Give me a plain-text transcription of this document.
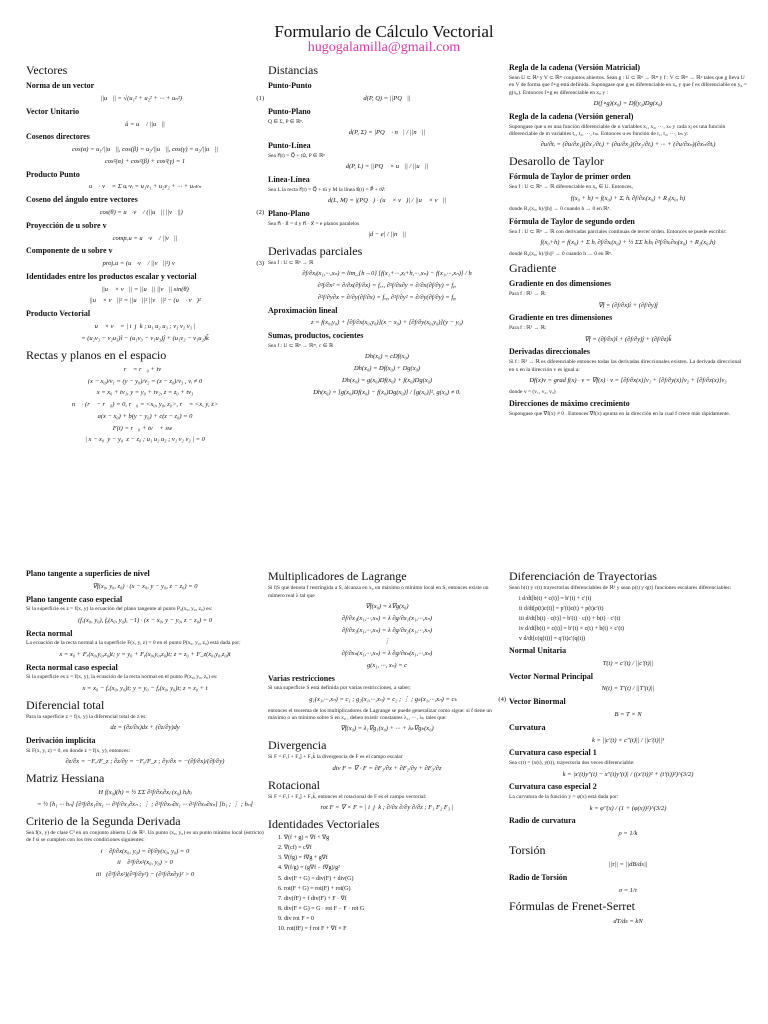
Formulario de Cálculo Vectorial
hugogalamilla@gmail.com
Vectores
Norma de un vector
||u⃗|| = √(u₁² + u₂² + ··· + uₙ²)	(1)
Vector Unitario
û = u⃗ / ||u⃗||
Cosenos directores
cos(α) = u₁/||u⃗||, cos(β) = u₂/||u⃗||, cos(γ) = u₃/||u⃗||
cos²(α) + cos²(β) + cos²(γ) = 1
Producto Punto
u⃗ · v⃗ = Σ uᵢ·vᵢ = u₁v₁ + u₂v₂ + ··· + uₙvₙ
Coseno del ángulo entre vectores
cos(θ) = u⃗·v⃗ / (||u⃗|| ||v⃗||)	(2)
Proyección de u sobre v
compᵥu = u⃗·v⃗ / ||v⃗||
Componente de u sobre v
projᵥu = (u⃗·v⃗ / ||v⃗||²) v⃗	(3)
Identidades entre los productos escalar y vectorial
||u⃗ × v⃗|| = ||u⃗|| ||v⃗|| sin(θ)
||u⃗ × v⃗||² = ||u⃗||² ||v⃗||² − (u⃗ · v⃗)²
Producto Vectorial
u⃗ × v⃗ = | i  j  k ; u₁ u₂ u₃ ; v₁ v₂ v₃ |
= (u₂v₃ − v₂u₃)î − (u₁v₃ − v₁u₃)ĵ + (u₁v₂ − v₁u₂)k̂
Rectas y planos en el espacio
r⃗ = r⃗₀ + tv⃗
(x − x₀)/v₁ = (y − y₀)/v₂ = (z − z₀)/v₃ , vᵢ ≠ 0
x = x₀ + tv₁, y = y₀ + tv₂, z = z₀ + tv₃
n⃗ · (r⃗ − r⃗₀) = 0, r⃗₀ = <x₀, y₀, z₀>, r⃗ = <x, y, z>
a(x − x₀) + b(y − y₀) + c(z − z₀) = 0
F(t) = r⃗₀ + tv⃗ + sw⃗
| x − x₀  y − y₀  z − z₀ ; u₁ u₂ u₃ ; v₁ v₂ v₃ | = 0
Distancias
Punto-Punto
d(P, Q) = ||PQ⃗||
Punto-Plano
Q ∈ Σ, P ∈ ℝⁿ.
d(P, Σ) = |PQ⃗ · n⃗| / ||n⃗||
Punto-Línea
Sea r⃗(t) = Q⃗ + tu⃗, P ∈ ℝⁿ
d(P, L) = ||PQ⃗ × u⃗|| / ||u⃗||
Línea-Línea
Sea L la recta r⃗(t) = Q⃗ + tū y M la línea s⃗(t) = P⃗ + tv⃗:
d(L, M) = |(PQ⃗) · (u⃗ × v⃗)| / ||u⃗ × v⃗||
Plano-Plano
Sea n⃗ · x⃗ = d y n⃗ · x⃗ = e planos paralelos
|d − e| / ||n⃗||
Derivadas parciales
Sea f : U ⊂ ℝⁿ → ℝ
∂f/∂xⱼ(x₁,···,xₙ) = lim_{h→0} [f(x₁+···,xⱼ+h,···,xₙ) − f(x₁,···,xₙ)] / h
∂²f/∂x² = ∂/∂x(∂f/∂x) = fₓₓ, ∂²f/∂x∂y = ∂/∂x(∂f/∂y) = fᵧₓ
∂²f/∂y∂x = ∂/∂y(∂f/∂x) = fₓᵧ, ∂²f/∂y² = ∂/∂y(∂f/∂y) = fᵧᵧ
Aproximación lineal
z = f(x₀,y₀) + [∂f/∂x(x₀,y₀)](x − x₀) + [∂f/∂y(x₀,y₀)](y − y₀)
Sumas, productos, cocientes
Sea f : U ⊂ ℝⁿ → ℝᵐ, c ∈ ℝ
Dh(x₀) = cDf(x₀)
Dh(x₀) = Df(x₀) + Dg(x₀)
Dh(x₀) = g(x₀)Df(x₀) + f(x₀)Dg(x₀)
Dh(x₀) = [g(x₀)Df(x₀) − f(x₀)Dg(x₀)] / [g(x₀)]², g(x₀) ≠ 0.
Regla de la cadena (Versión Matricial)
Sean U ⊂ ℝⁿ y V ⊂ ℝᵐ conjuntos abiertos. Sean g : U ⊂ ℝⁿ → ℝᵐ y f : V ⊂ ℝᵐ → ℝᵖ tales que g lleva U en V de forma que f∘g está definida. Supongase que g es diferenciable en x₀ y que f es diferenciable en y₀ = g(x₀). Entonces f∘g es diferenciable en x₀ y :
D(f∘g)(x₀) = Df(y₀)Dg(x₀)
Regla de la cadena (Versión general)
Supongase que u es una función diferenciable de n variables x₁, x₂, ···, xₙ y cada xⱼ es una función diferenciable de m variables t₁, t₂, ···, tₘ. Entonces u es función de t₁, t₂, ···, tₘ y:
∂u/∂tᵢ = (∂u/∂x₁)(∂x₁/∂tᵢ) + (∂u/∂x₂)(∂x₂/∂tᵢ) + ··· + (∂u/∂xₙ)(∂xₙ/∂tᵢ)
Desarollo de Taylor
Fórmula de Taylor de primer orden
Sea f : U ⊂ ℝⁿ → ℝ diferenciable en x₀ ∈ U. Entonces,
f(x₀ + h) = f(x₀) + Σᵢ hᵢ ∂f/∂xᵢ(x₀) + R₁(x₀, h)
donde R₁(x₀, h)/||h|| → 0 cuando h → 0 en ℝⁿ.
Fórmula de Taylor de segundo orden
Sea f : U ⊂ ℝⁿ → ℝ con derivadas parciales continuas de tercer orden. Entonces se puede escribir:
f(x₀+h) = f(x₀) + Σ hᵢ ∂f/∂xᵢ(x₀) + ½ ΣΣ hᵢhⱼ ∂²f/∂xᵢ∂xⱼ(x₀) + R₂(x₀,h)
dondé R₂(x₀, h)/||h||² → 0 cuando h → 0 en ℝⁿ.
Gradiente
Gradiente en dos dimensiones
Para f : ℝ² → ℝ:
∇f = (∂f/∂x)î + (∂f/∂y)ĵ
Gradiente en tres dimensiones
Para f : ℝ³ → ℝ:
∇f = (∂f/∂x)î + (∂f/∂y)ĵ + (∂f/∂z)k̂
Derivadas direccionales
Si f : ℝ³ → ℝ es diferenciable entonces todas las derivadas direccionales existen. La derivada direccional en x en la dirección v es igual a:
Df(x)v = grad f(x) · v = ∇f(x) · v = [∂f/∂x(x)]v₁ + [∂f/∂y(x)]v₂ + [∂f/∂z(x)]v₃
donde v = (v₁, v₂, v₃)
Direcciones de máximo crecimiento
Supongase que ∇f(x) ≠ 0 . Entonces ∇f(x) apunta en la dirección en la cual f crece más rápidamente.
Plano tangente a superficies de nivel
∇f(x₀, y₀, z₀) · (x − x₀, y − y₀, z − z₀) = 0
Plano tangente caso especial
Si la superficie es z = f(x, y) la ecuación del plano tangente al punto P₀(x₀, y₀, z₀) es:
(fₓ(x₀, y₀), fᵧ(x₀, y₀), −1) · (x − x₀, y − y₀, z − z₀) = 0
Recta normal
La ecuación de la recta normal a la superficie F(x, y, z) = 0 en el punto P(x₀, y₀, z₀) está dada por:
x = x₀ + Fₓ(x₀,y₀,z₀)t; y = y₀ + Fᵧ(x₀,y₀,z₀)t; z = z₀ + F_z(x₀,y₀,z₀)t
Recta normal caso especial
Si la superficie es z = f(x, y), la ecuación de la recta normal en el punto P(x₀, y₀, z₀) es:
x = x₀ − fₓ(x₀, y₀)t; y = y₀ − fᵧ(x₀, y₀)t; z = z₀ + t
Diferencial total
Para la superficie z = f(x, y) la diferencial total de z es:
dz = (∂z/∂x)dx + (∂z/∂y)dy
Derivación implícita
Si F(x, y, z) = 0, en donde z = f(x, y), entonces:
∂z/∂x = −Fₓ/F_z ; ∂z/∂y = −Fᵧ/F_z ; ∂y/∂x = −(∂f/∂x)/(∂f/∂y)
Matriz Hessiana
H f(x₀)(h) = ½ ΣΣ ∂²f/∂xᵢ∂xⱼ (x₀) hᵢhⱼ
= ½ [h₁ ··· hₙ] [∂²f/∂x₁∂x₁ ··· ∂²f/∂x₁∂xₙ ; ⋮ ; ∂²f/∂xₙ∂x₁ ··· ∂²f/∂xₙ∂xₙ] [h₁ ; ⋮ ; hₙ]
Criterio de la Segunda Derivada
Sea f(x, y) de clase C³ en un conjunto abierto U de ℝ². Un punto (x₀, y₀) es un punto mínimo local (estricto) de f si se cumplen con los tres condiciones siguientes:
i    ∂f/∂x(x₀, y₀) = ∂f/∂y(x₀, y₀) = 0
ii    ∂²f/∂x²(x₀, y₀) > 0
iii   (∂²f/∂x²)(∂²f/∂y²) − (∂²f/∂x∂y)² > 0
Multiplicadores de Lagrange
Si f|S que denota f restringida a S, alcanza en x₀ un máximo o mínimo local en S, entonces existe un número real λ tal que
∇f(x₀) = λ∇g(x₀)
∂f/∂x₁(x₁,···,xₙ) = λ ∂g/∂x₁(x₁,···,xₙ)
∂f/∂x₂(x₁,···,xₙ) = λ ∂g/∂x₂(x₁,···,xₙ)
⋮
∂f/∂xₙ(x₁,···,xₙ) = λ ∂g/∂xₙ(x₁,···,xₙ)
g(x₁, ···, xₙ) = c
Varias restricciones
Si una superficie S está definida por varias restricciones, a saber;
g₁(x₁,···,xₙ) = c₁ ; g₂(x₁,···,xₙ) = c₂ ; ⋮ ; gₖ(x₁,···,xₙ) = cₖ	(4)
entonces el teorema de los multiplicadores de Lagrange se puede generalizar como sigue: si f tiene un máximo o un mínimo sobre S en x₀ , deben existir constantes λ₁, ···, λₖ tales que:
∇f(x₀) = λ₁∇g₁(x₀) + ··· + λₖ∇gₖ(x₀)
Divergencia
Si F = F₁î + F₂ĵ + F₃k̂ la divergencia de F es el campo escalar
div F = ∇ · F = ∂F₁/∂x + ∂F₂/∂y + ∂F₃/∂z
Rotacional
Si F = F₁î + F₂ĵ + F₃k̂, entonces el rotacional de F es el campo vectorial:
rot F = ∇ × F = | i  j  k ; ∂/∂x ∂/∂y ∂/∂z ; F₁ F₂ F₃ |
Identidades Vectoriales
1. ∇(f + g) = ∇f + ∇g
2. ∇(cf) = c∇f
3. ∇(fg) = f∇g + g∇f
4. ∇(f/g) = (g∇f − f∇g)/g²
5. div(F + G) = div(F) + div(G)
6. rot(F + G) = rot(F) + rot(G)
7. div(fF) = f div(F) + F · ∇f
8. div(F × G) = G · rot F − F · rot G
9. div rot F = 0
10. rot(fF) = f rot F + ∇f × F
Diferenciación de Trayectorias
Sean b(t) y c(t) trayectorias diferenciables de ℝ³ y sean p(t) y q(t) funciones escalares diferenciables:
i d/dt[b(t) + c(t)] = b′(t) + c′(t)
ii d/dt[p(t)c(t)] = p′(t)c(t) + p(t)c′(t)
iii d/dt[b(t) · c(t)] = b′(t) · c(t) + b(t) · c′(t)
iv d/dt[b(t) × c(t)] = b′(t) × c(t) + b(t) × c′(t)
v d/dt[c(q(t))] = q′(t)c′(q(t))
Normal Unitaria
T(t) = c′(t) / ||c′(t)||
Vector Normal Principal
N(t) = T′(t) / ||T′(t)||
Vector Binormal
B = T × N
Curvatura
k = ||c′(t) × c″(t)|| / ||c′(t)||³
Curvatura caso especial 1
Sea c(t) = (x(t), y(t)), trayectoria dos veces diferenciable:
k = |x′(t)y″(t) − x″(t)y′(t)| / ((x′(t))² + (t′(t))²)^(3/2)
Curvatura caso especial 2
La curvatura de la función y = φ(x) está dada por:
k = φ″(x) / (1 + (φ(x))²)^(3/2)
Radio de curvatura
ρ = 1/k
Torsión
||τ|| = ||dB/ds||
Radio de Torsión
σ = 1/τ
Fórmulas de Frenet-Serret
dT/ds = kN
